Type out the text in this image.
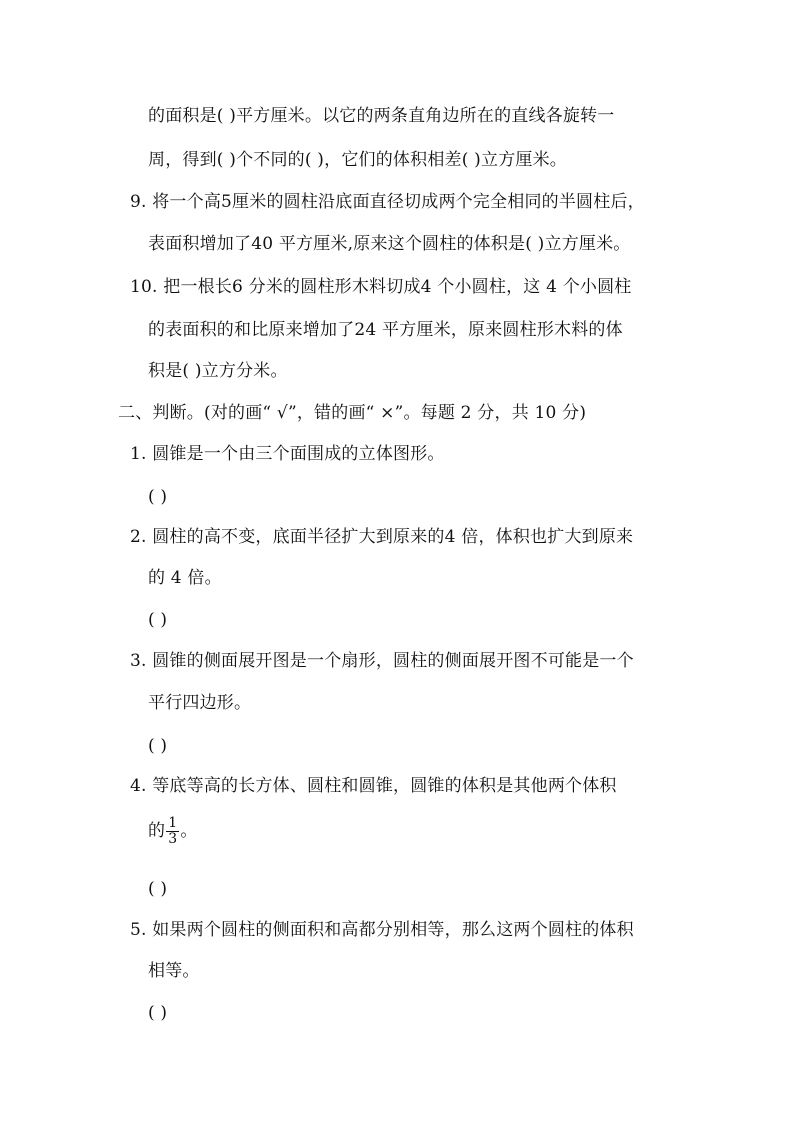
的面积是( )平方厘米。以它的两条直角边所在的直线各旋转一
周，得到( )个不同的( )，它们的体积相差( )立方厘米。
9. 将一个高5厘米的圆柱沿底面直径切成两个完全相同的半圆柱后，
表面积增加了40 平方厘米,原来这个圆柱的体积是( )立方厘米。
10. 把一根长6 分米的圆柱形木料切成4 个小圆柱，这 4 个小圆柱
的表面积的和比原来增加了24 平方厘米，原来圆柱形木料的体
积是( )立方分米。
二、判断。(对的画“ √”，错的画“ ×”。每题 2 分，共 10 分)
1. 圆锥是一个由三个面围成的立体图形。
( )
2. 圆柱的高不变，底面半径扩大到原来的4 倍，体积也扩大到原来
的 4 倍。
( )
3. 圆锥的侧面展开图是一个扇形，圆柱的侧面展开图不可能是一个
平行四边形。
( )
4. 等底等高的长方体、圆柱和圆锥，圆锥的体积是其他两个体积
的 $\frac{1}{3}$ 。
( )
5. 如果两个圆柱的侧面积和高都分别相等，那么这两个圆柱的体积
相等。
( )
